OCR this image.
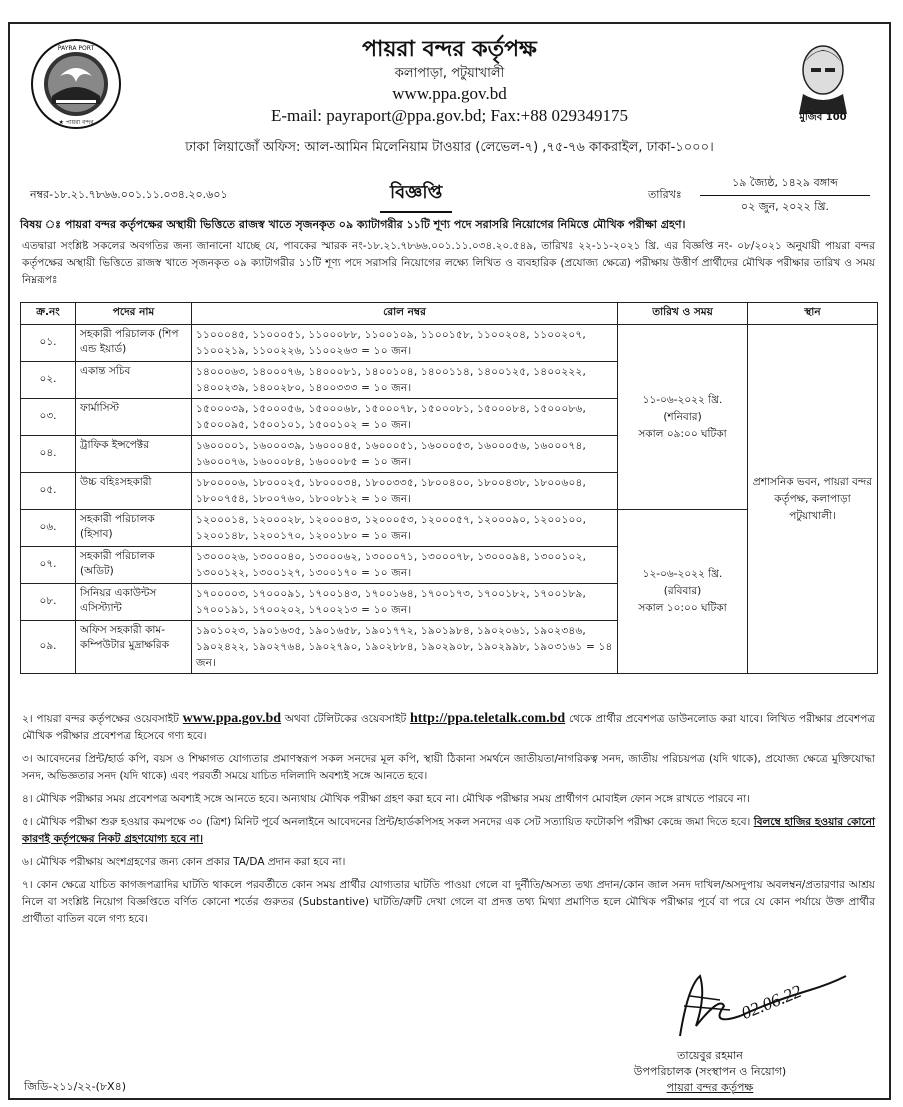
PAYRA PORT
★ পায়রা বন্দর
পায়রা বন্দর কর্তৃপক্ষ
কলাপাড়া, পটুয়াখালী
www.ppa.gov.bd
E-mail: payraport@ppa.gov.bd; Fax:+88 029349175
ঢাকা লিয়াজোঁ অফিস: আল-আমিন মিলেনিয়াম টাওয়ার (লেভেল-৭) ,৭৫-৭৬ কাকরাইল, ঢাকা-১০০০।
মুজিব 100
নম্বর-১৮.২১.৭৮৬৬.০০১.১১.০৩৪.২০.৬০১	বিজ্ঞপ্তি	তারিখঃ
১৯ জ্যৈষ্ঠ, ১৪২৯ বঙ্গাব্দ
০২ জুন, ২০২২ খ্রি.
বিষয় ঃ পায়রা বন্দর কর্তৃপক্ষের অস্থায়ী ভিত্তিতে রাজস্ব খাতে সৃজনকৃত ০৯ ক্যাটাগরীর ১১টি শূণ্য পদে সরাসরি নিয়োগের নিমিত্তে মৌখিক পরীক্ষা গ্রহণ।
এতদ্বারা সংশ্লিষ্ট সকলের অবগতির জন্য জানানো যাচ্ছে যে, পাবকের স্মারক নং-১৮.২১.৭৮৬৬.০০১.১১.০৩৪.২০.৫৪৯, তারিখঃ ২২-১১-২০২১ খ্রি. এর বিজ্ঞপ্তি নং- ০৮/২০২১ অনুযায়ী পায়রা বন্দর কর্তৃপক্ষের অস্থায়ী ভিত্তিতে রাজস্ব খাতে সৃজনকৃত ০৯ ক্যাটাগরীর ১১টি শূণ্য পদে সরাসরি নিয়োগের লক্ষ্যে লিখিত ও ব্যবহারিক (প্রযোজ্য ক্ষেত্রে) পরীক্ষায় উত্তীর্ণ প্রার্থীদের মৌখিক পরীক্ষার তারিখ ও সময় নিম্নরূপঃ
ক্র.নং	পদের নাম	রোল নম্বর	তারিখ ও সময়	স্থান
০১.	সহকারী পরিচালক (শিপ এন্ড ইয়ার্ড)	১১০০০৪৫, ১১০০০৫১, ১১০০০৮৮, ১১০০১০৯, ১১০০১৫৮, ১১০০২০৪, ১১০০২০৭, ১১০০২১৯, ১১০০২২৬, ১১০০২৬৩ = ১০ জন।	১১-০৬-২০২২ খ্রি.
(শনিবার)
সকাল ০৯:০০ ঘটিকা	প্রশাসনিক ভবন, পায়রা বন্দর কর্তৃপক্ষ, কলাপাড়া পটুয়াখালী।
০২.	একান্ত সচিব	১৪০০০৬৩, ১৪০০০৭৬, ১৪০০০৮১, ১৪০০১০৪, ১৪০০১১৪, ১৪০০১২৫, ১৪০০২২২, ১৪০০২৩৯, ১৪০০২৮০, ১৪০০৩৩৩ = ১০ জন।		
০৩.	ফার্মাসিস্ট	১৫০০০৩৯, ১৫০০০৫৬, ১৫০০০৬৮, ১৫০০০৭৮, ১৫০০০৮১, ১৫০০০৮৪, ১৫০০০৮৬, ১৫০০০৯৫, ১৫০০১০১, ১৫০০১০২ = ১০ জন।		
০৪.	ট্রাফিক ইন্সপেক্টর	১৬০০০০১, ১৬০০০৩৯, ১৬০০০৪৫, ১৬০০০৫১, ১৬০০০৫৩, ১৬০০০৫৬, ১৬০০০৭৪, ১৬০০০৭৬, ১৬০০০৮৪, ১৬০০০৮৫ = ১০ জন।		
০৫.	উচ্চ বহিঃসহকারী	১৮০০০০৬, ১৮০০০২৫, ১৮০০০৩৪, ১৮০০৩৩৫, ১৮০০৪০০, ১৮০০৪৩৮, ১৮০০৬০৪, ১৮০০৭৫৪, ১৮০০৭৬০, ১৮০০৮১২ = ১০ জন।		
০৬.	সহকারী পরিচালক (হিসাব)	১২০০০১৪, ১২০০০২৮, ১২০০০৪৩, ১২০০০৫৩, ১২০০০৫৭, ১২০০০৯০, ১২০০১০০, ১২০০১৪৮, ১২০০১৭০, ১২০০১৮০ = ১০ জন।	১২-০৬-২০২২ খ্রি.
(রবিবার)
সকাল ১০:০০ ঘটিকা	

০৭.	সহকারী পরিচালক (অডিট)	১৩০০০২৬, ১৩০০০৪০, ১৩০০০৬২, ১৩০০০৭১, ১৩০০০৭৮, ১৩০০০৯৪, ১৩০০১০২, ১৩০০১২২, ১৩০০১২৭, ১৩০০১৭০ = ১০ জন।		
০৮.	সিনিয়র একাউন্টস এসিস্ট্যান্ট	১৭০০০০৩, ১৭০০০৯১, ১৭০০১৪৩, ১৭০০১৬৪, ১৭০০১৭৩, ১৭০০১৮২, ১৭০০১৮৯, ১৭০০১৯১, ১৭০০২০২, ১৭০০২১৩ = ১০ জন।		
০৯.	অফিস সহকারী কাম-কম্পিউটার মুদ্রাক্ষরিক	১৯০১০২৩, ১৯০১৬৩৫, ১৯০১৬৫৮, ১৯০১৭৭২, ১৯০১৯৮৪, ১৯০২০৬১, ১৯০২৩৪৬, ১৯০২৪২২, ১৯০২৭৬৪, ১৯০২৭৯০, ১৯০২৮৮৪, ১৯০২৯০৮, ১৯০২৯৯৮, ১৯০৩১৬১ = ১৪ জন।		

২। পায়রা বন্দর কর্তৃপক্ষের ওয়েবসাইট www.ppa.gov.bd অথবা টেলিটকের ওয়েবসাইট http://ppa.teletalk.com.bd থেকে প্রার্থীর প্রবেশপত্র ডাউনলোড করা যাবে। লিখিত পরীক্ষার প্রবেশপত্র মৌখিক পরীক্ষার প্রবেশপত্র হিসেবে গণ্য হবে।

৩। আবেদনের প্রিন্ট/হার্ড কপি, বয়স ও শিক্ষাগত যোগ্যতার প্রমাণস্বরূপ সকল সনদের মূল কপি, স্থায়ী ঠিকানা সমর্থনে জাতীয়তা/নাগরিকত্ব সনদ, জাতীয় পরিচয়পত্র (যদি থাকে), প্রযোজ্য ক্ষেত্রে মুক্তিযোদ্ধা সনদ, অভিজ্ঞতার সনদ (যদি থাকে) এবং পরবর্তী সময়ে যাচিত দলিলাদি অবশ্যই সঙ্গে আনতে হবে।

৪। মৌখিক পরীক্ষার সময় প্রবেশপত্র অবশ্যই সঙ্গে আনতে হবে। অন্যথায় মৌখিক পরীক্ষা গ্রহণ করা হবে না। মৌখিক পরীক্ষার সময় প্রার্থীগণ মোবাইল ফোন সঙ্গে রাখতে পারবে না।

৫। মৌখিক পরীক্ষা শুরু হওয়ার কমপক্ষে ৩০ (ত্রিশ) মিনিট পূর্বে অনলাইনে আবেদনের প্রিন্ট/হার্ডকপিসহ সকল সনদের এক সেট সত্যায়িত ফটোকপি পরীক্ষা কেন্দ্রে জমা দিতে হবে। বিলম্বে হাজির হওয়ার কোনো কারণই কর্তৃপক্ষের নিকট গ্রহণযোগ্য হবে না।

৬। মৌখিক পরীক্ষায় অংশগ্রহণের জন্য কোন প্রকার TA/DA প্রদান করা হবে না।

৭। কোন ক্ষেত্রে যাচিত কাগজপত্রাদির ঘাটতি থাকলে পরবর্তীতে কোন সময় প্রার্থীর যোগ্যতার ঘাটতি পাওয়া গেলে বা দুর্নীতি/অসত্য তথ্য প্রদান/কোন জাল সনদ দাখিল/অসদুপায় অবলম্বন/প্রতারণার আশ্রয় নিলে বা সংশ্লিষ্ট নিয়োগ বিজ্ঞপ্তিতে বর্ণিত কোনো শর্তের গুরুতর (Substantive) ঘাটতি/ত্রুটি দেখা গেলে বা প্রদত্ত তথ্য মিথ্যা প্রমাণিত হলে মৌখিক পরীক্ষার পূর্বে বা পরে যে কোন পর্যায়ে উক্ত প্রার্থীর প্রার্থীতা বাতিল বলে গণ্য হবে।

02.06.22
তায়েবুর রহমান
উপপরিচালক (সংস্থাপন ও নিয়োগ)
পায়রা বন্দর কর্তৃপক্ষ
জিডি-২১১/২২-(৮X৪)
